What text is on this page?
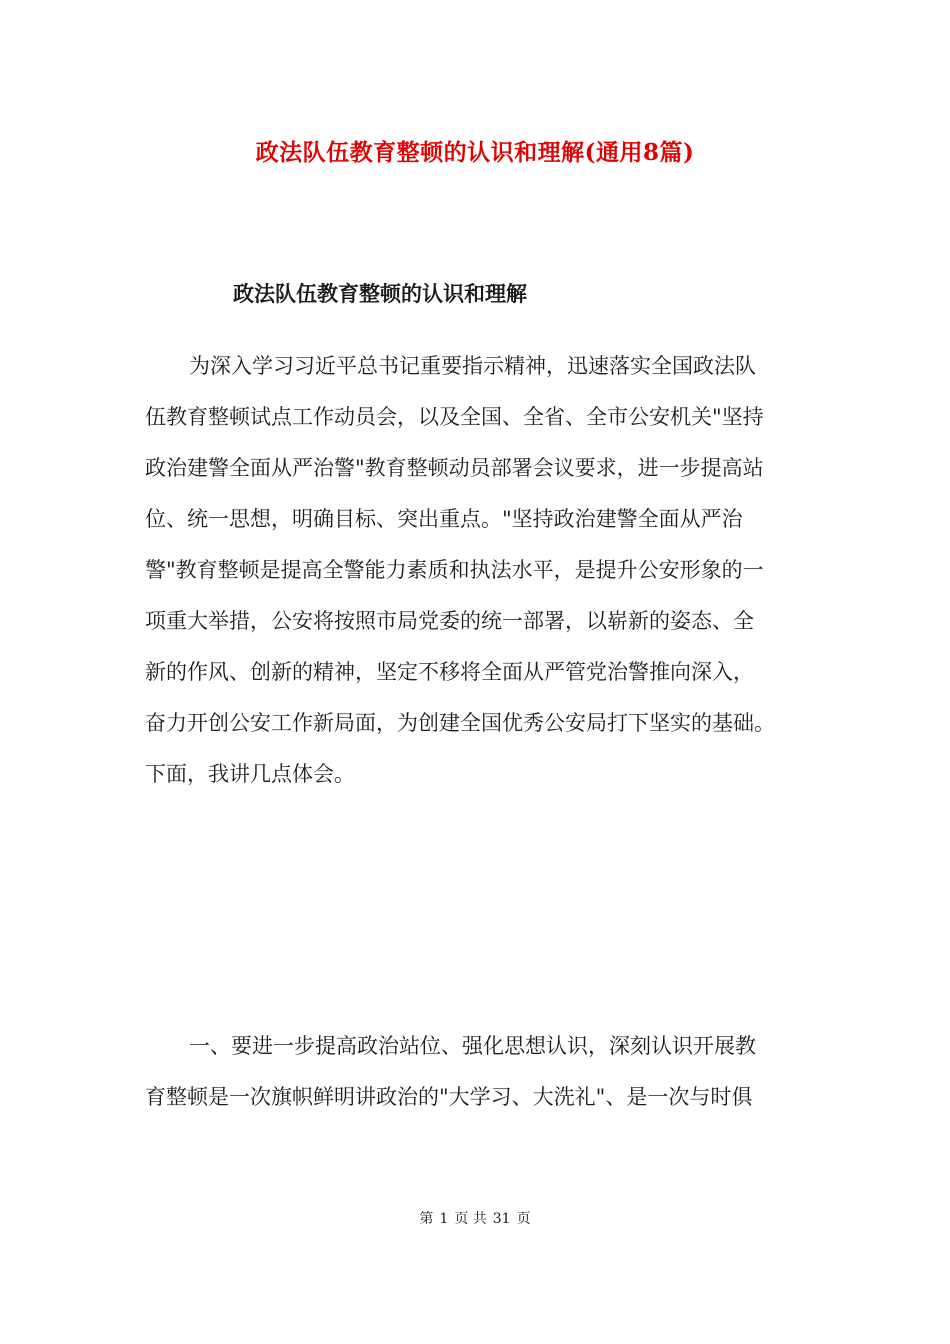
政法队伍教育整顿的认识和理解(通用8篇)
政法队伍教育整顿的认识和理解

为深入学习习近平总书记重要指示精神，迅速落实全国政法队
伍教育整顿试点工作动员会，以及全国、全省、全市公安机关"坚持
政治建警全面从严治警"教育整顿动员部署会议要求，进一步提高站
位、统一思想，明确目标、突出重点。"坚持政治建警全面从严治
警"教育整顿是提高全警能力素质和执法水平，是提升公安形象的一
项重大举措，公安将按照市局党委的统一部署，以崭新的姿态、全
新的作风、创新的精神，坚定不移将全面从严管党治警推向深入，
奋力开创公安工作新局面，为创建全国优秀公安局打下坚实的基础。
下面，我讲几点体会。

一、要进一步提高政治站位、强化思想认识，深刻认识开展教
育整顿是一次旗帜鲜明讲政治的"大学习、大洗礼"、是一次与时俱

第 1 页 共 31 页
